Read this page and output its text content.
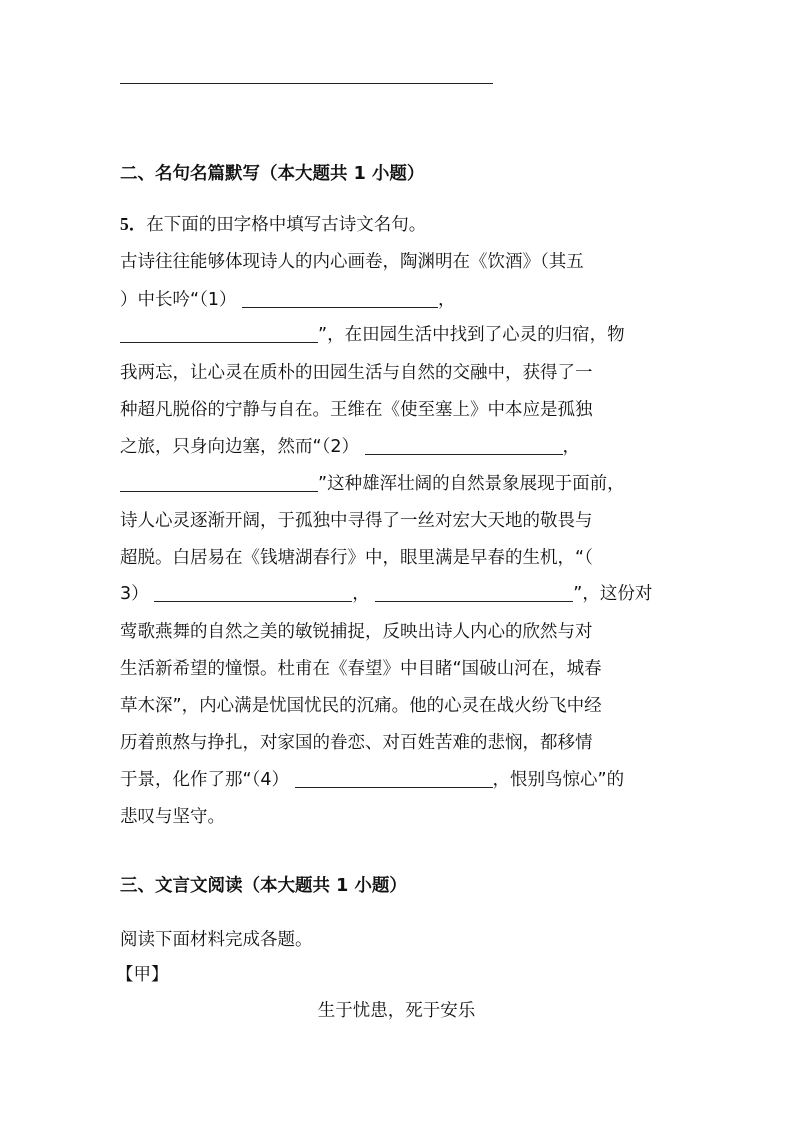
二、名句名篇默写（本大题共 1 小题）
5．在下面的田字格中填写古诗文名句。
古诗往往能够体现诗人的内心画卷，陶渊明在《饮酒》（其五
）中长吟“（1）	，
”，在田园生活中找到了心灵的归宿，物
我两忘，让心灵在质朴的田园生活与自然的交融中，获得了一
种超凡脱俗的宁静与自在。王维在《使至塞上》中本应是孤独
之旅，只身向边塞，然而“（2）	，
”这种雄浑壮阔的自然景象展现于面前，
诗人心灵逐渐开阔，于孤独中寻得了一丝对宏大天地的敬畏与
超脱。白居易在《钱塘湖春行》中，眼里满是早春的生机，“（
3）	，	”，这份对
莺歌燕舞的自然之美的敏锐捕捉，反映出诗人内心的欣然与对
生活新希望的憧憬。杜甫在《春望》中目睹“国破山河在，城春
草木深”，内心满是忧国忧民的沉痛。他的心灵在战火纷飞中经
历着煎熬与挣扎，对家国的眷恋、对百姓苦难的悲悯，都移情
于景，化作了那“（4）	，恨别鸟惊心”的
悲叹与坚守。
三、文言文阅读（本大题共 1 小题）
阅读下面材料完成各题。
【甲】
生于忧患，死于安乐
